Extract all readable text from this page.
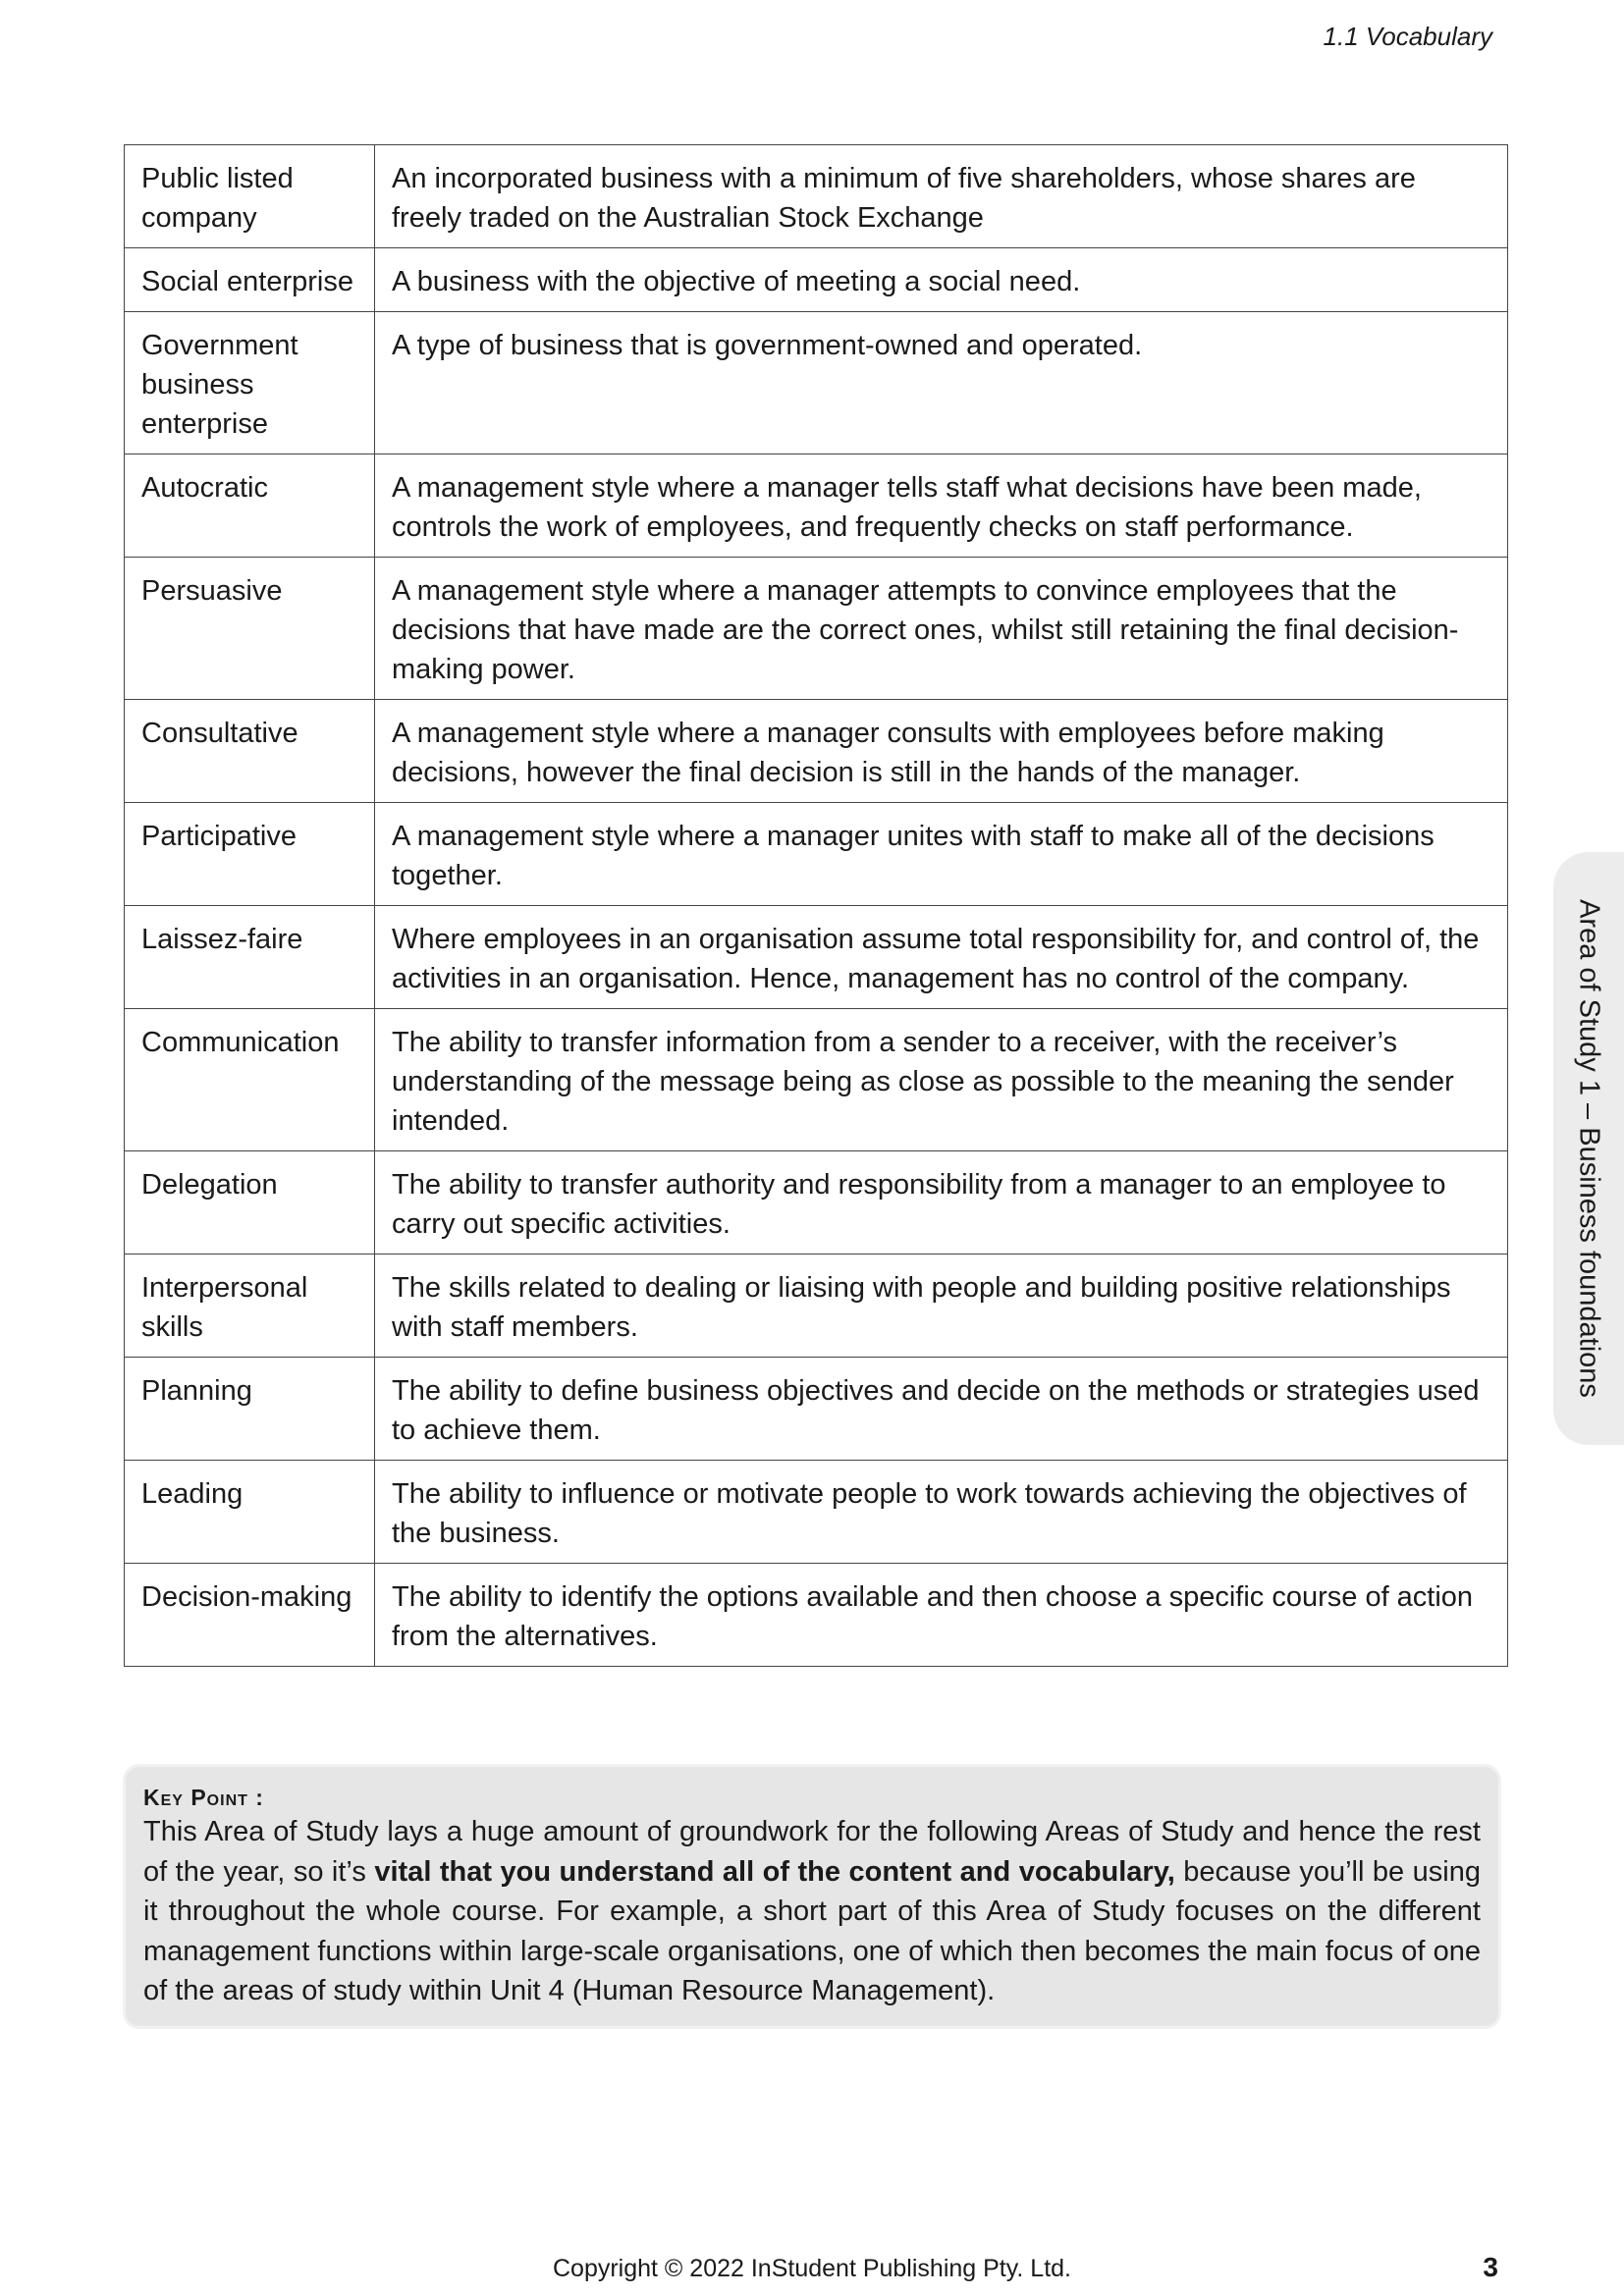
1.1 Vocabulary
Public listed company	An incorporated business with a minimum of five shareholders, whose shares are freely traded on the Australian Stock Exchange
Social enterprise	A business with the objective of meeting a social need.
Government business enterprise	A type of business that is government-owned and operated.
Autocratic	A management style where a manager tells staff what decisions have been made, controls the work of employees, and frequently checks on staff performance.
Persuasive	A management style where a manager attempts to convince employees that the decisions that have made are the correct ones, whilst still retaining the final decision-making power.
Consultative	A management style where a manager consults with employees before making decisions, however the final decision is still in the hands of the manager.
Participative	A management style where a manager unites with staff to make all of the decisions together.
Laissez-faire	Where employees in an organisation assume total responsibility for, and control of, the activities in an organisation. Hence, management has no control of the company.
Communication	The ability to transfer information from a sender to a receiver, with the receiver’s understanding of the message being as close as possible to the meaning the sender intended.
Delegation	The ability to transfer authority and responsibility from a manager to an employee to carry out specific activities.
Interpersonal skills	The skills related to dealing or liaising with people and building positive relationships with staff members.
Planning	The ability to define business objectives and decide on the methods or strategies used to achieve them.
Leading	The ability to influence or motivate people to work towards achieving the objectives of the business.
Decision-making	The ability to identify the options available and then choose a specific course of action from the alternatives.
Area of Study 1 – Business foundations
Key Point :
This Area of Study lays a huge amount of groundwork for the following Areas of Study and hence the rest of the year, so it’s vital that you understand all of the content and vocabulary, because you’ll be using it throughout the whole course. For example, a short part of this Area of Study focuses on the different management functions within large-scale organisations, one of which then becomes the main focus of one of the areas of study within Unit 4 (Human Resource Management).
Copyright © 2022 InStudent Publishing Pty. Ltd.	3
